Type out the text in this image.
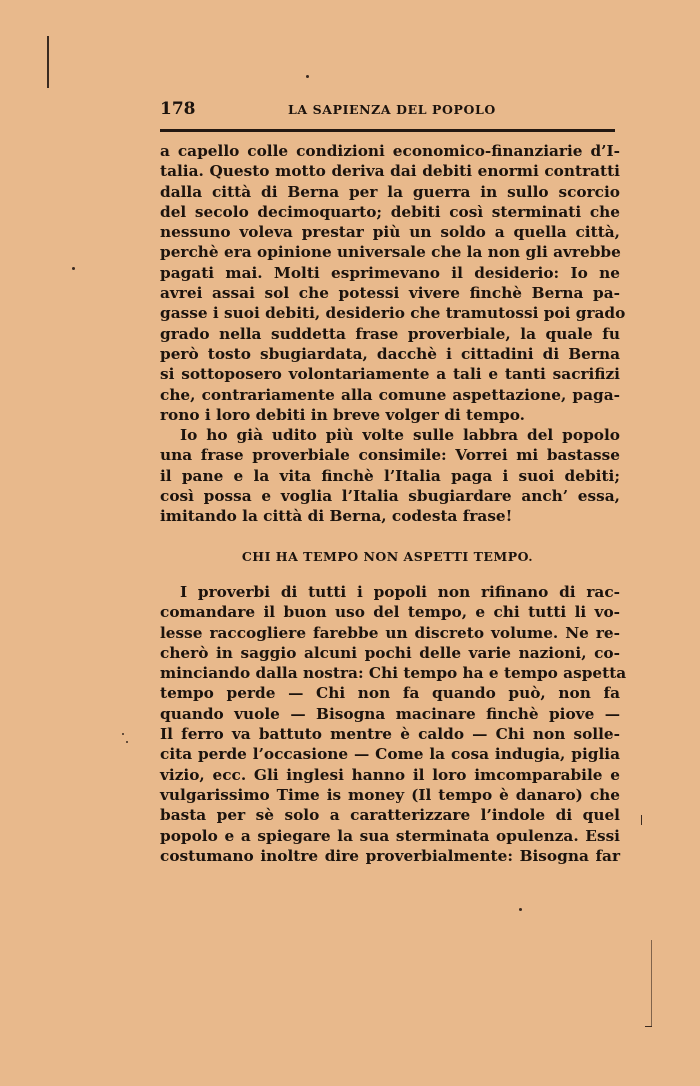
178	LA SAPIENZA DEL POPOLO
a capello colle condizioni economico-finanziarie d’I-
talia. Questo motto deriva dai debiti enormi contratti
dalla città di Berna per la guerra in sullo scorcio
del secolo decimoquarto; debiti così sterminati che
nessuno voleva prestar più un soldo a quella città,
perchè era opinione universale che la non gli avrebbe
pagati mai. Molti esprimevano il desiderio: Io ne
avrei assai sol che potessi vivere finchè Berna pa-
gasse i suoi debiti, desiderio che tramutossi poi grado
grado nella suddetta frase proverbiale, la quale fu
però tosto sbugiardata, dacchè i cittadini di Berna
si sottoposero volontariamente a tali e tanti sacrifizi
che, contrariamente alla comune aspettazione, paga-
rono i loro debiti in breve volger di tempo.
Io ho già udito più volte sulle labbra del popolo
una frase proverbiale consimile: Vorrei mi bastasse
il pane e la vita finchè l’Italia paga i suoi debiti;
così possa e voglia l’Italia sbugiardare anch’ essa,
imitando la città di Berna, codesta frase!
CHI HA TEMPO NON ASPETTI TEMPO.
I proverbi di tutti i popoli non rifinano di rac-
comandare il buon uso del tempo, e chi tutti li vo-
lesse raccogliere farebbe un discreto volume. Ne re-
cherò in saggio alcuni pochi delle varie nazioni, co-
minciando dalla nostra: Chi tempo ha e tempo aspetta
tempo perde — Chi non fa quando può, non fa
quando vuole — Bisogna macinare finchè piove —
Il ferro va battuto mentre è caldo — Chi non solle-
cita perde l’occasione — Come la cosa indugia, piglia
vizio, ecc. Gli inglesi hanno il loro imcomparabile e
vulgarissimo Time is money (Il tempo è danaro) che
basta per sè solo a caratterizzare l’indole di quel
popolo e a spiegare la sua sterminata opulenza. Essi
costumano inoltre dire proverbialmente: Bisogna far
